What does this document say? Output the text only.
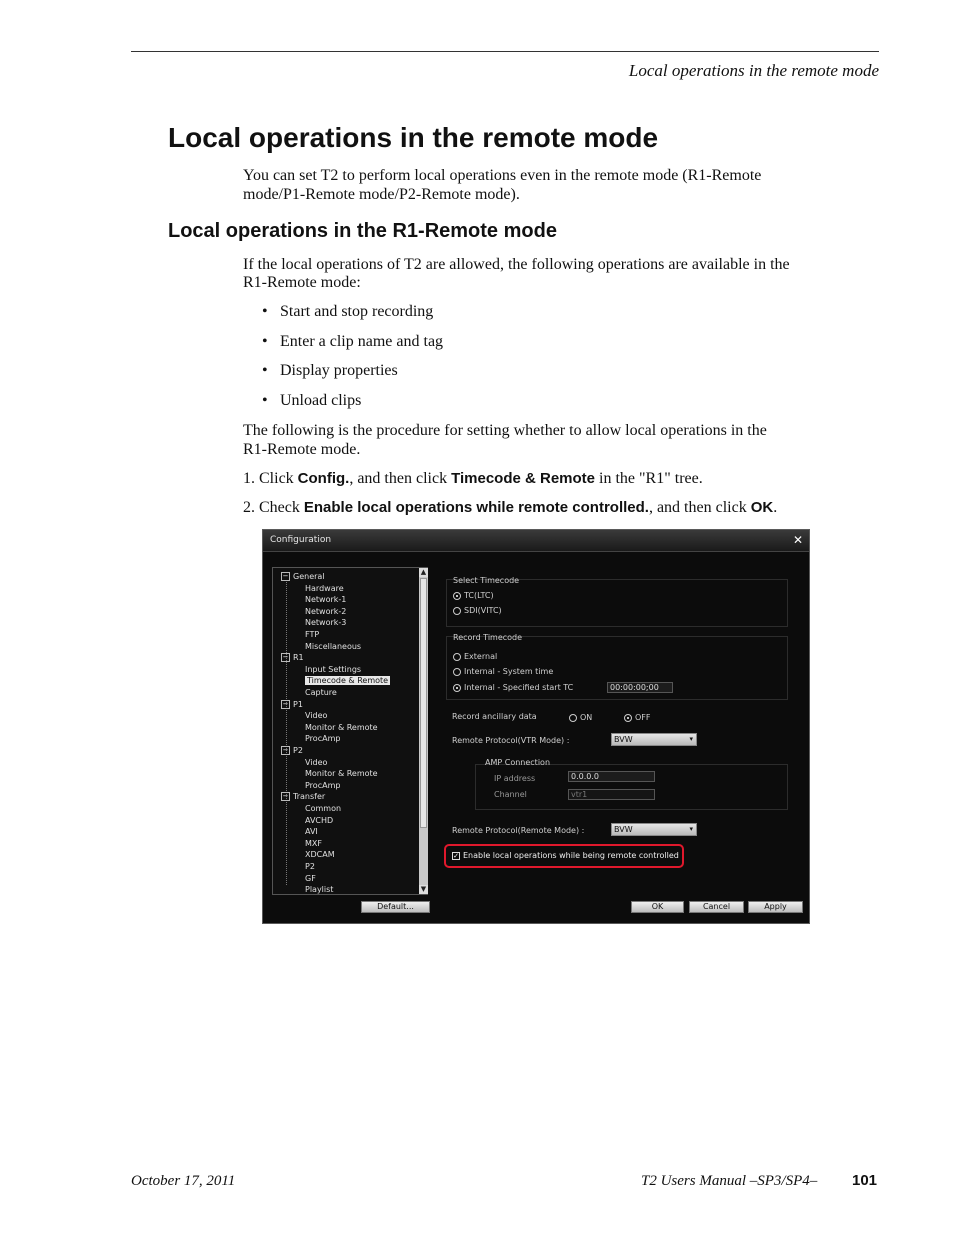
Local operations in the remote mode
Local operations in the remote mode

You can set T2 to perform local operations even in the remote mode (R1-Remote

mode/P1-Remote mode/P2-Remote mode).

Local operations in the R1-Remote mode

If the local operations of T2 are allowed, the following operations are available in the

R1-Remote mode:

• Start and stop recording
• Enter a clip name and tag
• Display properties
• Unload clips

The following is the procedure for setting whether to allow local operations in the

R1-Remote mode.

1. Click Config., and then click Timecode & Remote in the "R1" tree.
2. Check Enable local operations while remote controlled., and then click OK.
Configuration	✕
− General
Hardware
Network-1
Network-2
Network-3
FTP
Miscellaneous
− R1
Input Settings
Timecode & Remote
Capture
− P1
Video
Monitor & Remote
ProcAmp
− P2
Video
Monitor & Remote
ProcAmp
− Transfer
Common
AVCHD
AVI
MXF
XDCAM
P2
GF
Playlist
▲
▼
Select Timecode
TC(LTC)
SDI(VITC)
Record Timecode
External
Internal - System time
Internal - Specified start TC	00:00:00;00
Record ancillary data	ON	OFF
Remote Protocol(VTR Mode) :	BVW	▾
AMP Connection
IP address	0.0.0.0
Channel	vtr1
Remote Protocol(Remote Mode) :	BVW	▾
✓ Enable local operations while being remote controlled
Default...	OK	Cancel	Apply
October 17, 2011	T2 Users Manual –SP3/SP4– 101
